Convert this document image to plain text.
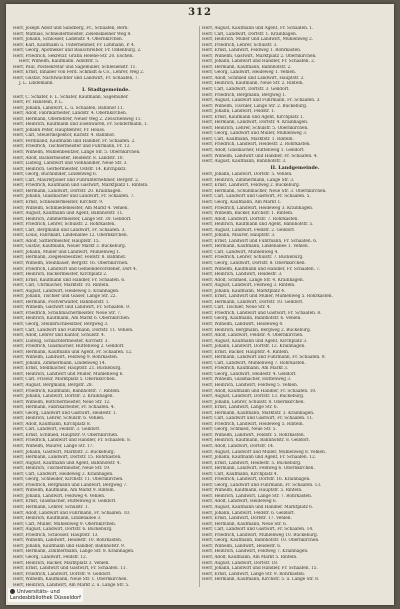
312
Herr, Joseph Adolf und Sandberg, Fr., Schaafen, Bern.
Herr, Mathias, Schneidermeister, Zielenskieiner Weg 8.
Herr, Johann, Schlosser, Ladenstr. 4. Obernkirchen.
Herr, Karl, Kaufmann u. Unternehmer, Fr. Lohmann, P. 4.
Herr, Georg, Apotheker und Bauschreiber, Fr. Oldenburg. 2.
Herr, Friedrich, Sekretär, Gräfin Helene-Str. 20. Eschen.
Herr, Wilhelm, Kaufmann. Adolfstr. 5.
Herr, Paul, Postsekretär und Sägemüller, Schlesienstr. 11.
Herr, Ernst, Inhaber von Ferd. Schmidt & Co., Lehrer, Weg 2.
Herr, Gustav, Nachtwächter und Landwirt, Fr. Schaafen, 7.
J. L. Lindemann.
I. Stadtgemeinde.
Herr, C. Schäfer, F. L. Schäfer, Kaufmann, Sägemüller.
Herr, Fr. Hanstein, P. L.
Herr, Johann, Landwirt, L. u. Schaafen, Bahnhof 11.
Herr, Adolf, Fabrikarbeiter, Landstr. 4. Obernkirchen.
Herr, Hermann, Oberlehrer, Neuer Weg 2. Zwischenweg 11.
Herr, Heinrich, Kaufmann und Eisenwaren, Fr. Sondermann, 1.
Herr, Johann Peter, Hauptlehrer, Fr. Heuss.
Herr, Carl, Steuerinspektor, Karlstr. 4. Bahnhof.
Herr, Ferdinand, Kaufmann und Händler, Fr. Schaafen. 2.
Herr, Friedrich, Tischlermeister und Fuhrmann, Fr. 12.
Herr, Wilhelm, Mühlenbesitzer, Lange Str. 5. Obernkirchen.
Herr, Adolf, Bäckermeister, Heidestr. 8. Landstr. 10.
Herr, Ludwig, Landwirt und Viehhändler, Neue Str. 3.
Herr, Heinrich, Gerbermeister, Oststr. 14. Kirchplatz.
Herr, Georg, Buchbinder, Lindenweg 6.
Herr, Carl, Maurerpolier und Fuhrunternehmer, Bergstr. 2.
Herr, Friedrich, Kaufmann und Gastwirt, Marktplatz 1. Rinteln.
Herr, Hermann, Landwirt, Dorfstr. 20. Krainhagen.
Herr, Johann, Glasmacher und Landwirt, Fr. Schaafen. 7.
Herr, Ernst, Schneidermeister, Kirchstr. 9.
Herr, Wilhelm, Schmiedemeister, Am Markt 4. Vehlen.
Herr, August, Kaufmann und Agent, Bahnhofstr. 11.
Herr, Heinrich, Zimmermeister, Lange Str. 30. Gelldorf.
Herr, Friedrich, Lehrer, Schulstr. 2. Röhrkasten.
Herr, Carl, Bergmann und Landwirt, Fr. Schaafen. 3.
Herr, Louis, Fabrikant, Lindenallee 12. Obernkirchen.
Herr, Adolf, Sattlermeister, Hauptstr. 15.
Herr, Gustav, Kaufmann, Neuer Markt 3. Bückeburg.
Herr, Johann, Müller und Landwirt, Mühlenweg 1.
Herr, Hermann, Ziegeleibesitzer, Feldstr. 8. Bahnhof.
Herr, Wilhelm, Steinhauer, Bergstr. 16. Obernkirchen.
Herr, Friedrich, Landwirt und Gemeindevorsteher, Dorf 4.
Herr, Heinrich, Bäckermeister, Kirchplatz 2.
Herr, Ernst, Kaufmann und Händler, Fr. Schaafen. 6.
Herr, Carl, Uhrmacher, Marktstr. 10. Rinteln.
Herr, August, Landwirt, Heideweg 5. Krainhagen.
Herr, Johann, Tischler und Glaser, Lange Str. 22.
Herr, Hermann, Postverwalter, Bahnhofstr. 1.
Herr, Wilhelm, Gastwirt und Landwirt, Fr. Schaafen. 9.
Herr, Friedrich, Schuhmachermeister, Neue Str. 7.
Herr, Heinrich, Kaufmann, Am Markt 6. Obernkirchen.
Herr, Georg, Steinbruchbesitzer, Bergweg 3.
Herr, Carl, Landwirt und Fuhrmann, Dorfstr. 11. Vehlen.
Herr, Adolf, Lehrer und Kantor, Schulstr. 4.
Herr, Ludwig, Schlachtermeister, Kirchstr. 3.
Herr, Friedrich, Glasmacher, Hüttenweg 2. Gelldorf.
Herr, Hermann, Kaufmann und Agent, Fr. Schaafen. 12.
Herr, Wilhelm, Landwirt, Feldweg 9. Röhrkasten.
Herr, Johann, Zimmermann, Lindenweg 14.
Herr, Ernst, Stellmacher, Hauptstr. 21. Bückeburg.
Herr, Heinrich, Landwirt und Müller, Mühlenweg 6.
Herr, Carl, Friseur, Marktplatz 5. Obernkirchen.
Herr, August, Bergmann, Bergstr. 28.
Herr, Friedrich, Kaufmann, Bahnhofstr. 7. Rinteln.
Herr, Johann, Landwirt, Dorfstr. 2. Krainhagen.
Herr, Wilhelm, Böttchermeister, Neue Str. 12.
Herr, Hermann, Fabrikarbeiter, Fr. Schaafen. 4.
Herr, Georg, Landwirt und Gastwirt, Heidestr. 1.
Herr, Heinrich, Lehrer, Schulstr. 6. Vehlen.
Herr, Adolf, Kaufmann, Kirchplatz 8.
Herr, Carl, Landwirt, Feldstr. 3. Gelldorf.
Herr, Ernst, Schmied, Hauptstr. 9. Obernkirchen.
Herr, Friedrich, Landwirt und Händler, Fr. Schaafen. 8.
Herr, Wilhelm, Maurer, Lange Str. 17.
Herr, Johann, Gastwirt, Marktstr. 2. Bückeburg.
Herr, Hermann, Landwirt, Dorfstr. 15. Röhrkasten.
Herr, August, Kaufmann und Agent, Bahnhofstr. 4.
Herr, Heinrich, Tischlermeister, Neue Str. 19.
Herr, Carl, Landwirt, Heideweg 2. Krainhagen.
Herr, Georg, Schneider, Kirchstr. 11. Obernkirchen.
Herr, Friedrich, Bergmann und Landwirt, Bergweg 7.
Herr, Wilhelm, Kaufmann, Am Markt 9. Rinteln.
Herr, Johann, Landwirt, Feldweg 4. Vehlen.
Herr, Ernst, Glasmacher, Hüttenweg 8. Gelldorf.
Herr, Hermann, Lehrer, Schulstr. 1.
Herr, Adolf, Landwirt und Fuhrmann, Fr. Schaafen. 10.
Herr, Heinrich, Kaufmann, Lindenallee 3.
Herr, Carl, Müller, Mühlenweg 9. Obernkirchen.
Herr, August, Landwirt, Dorfstr. 6. Bückeburg.
Herr, Friedrich, Schlosser, Hauptstr. 13.
Herr, Wilhelm, Landwirt, Heidestr. 10. Röhrkasten.
Herr, Johann, Kaufmann und Händler, Bahnhofstr. 9.
Herr, Hermann, Zimmermann, Lange Str. 8. Krainhagen.
Herr, Georg, Landwirt, Feldstr. 12.
Herr, Heinrich, Bäcker, Marktplatz 3. Vehlen.
Herr, Ernst, Landwirt und Gastwirt, Fr. Schaafen. 11.
Herr, Friedrich, Landwirt, Dorfstr. 9. Gelldorf.
Herr, Wilhelm, Kaufmann, Neue Str. 1. Obernkirchen.
Herr, Heinrich, Landwirt, Am Markt 2. u. Lange Str. 5.
Herr, August, Kaufmann und Agent, Fr. Schaafen. 1.
Herr, Carl, Landwirt, Dorfstr. 1. Krainhagen.
Herr, Heinrich, Müller und Landwirt, Mühlenweg 2.
Herr, Friedrich, Lehrer, Schulstr. 3.
Herr, Ernst, Landwirt, Feldweg 1. Röhrkasten.
Herr, Wilhelm, Gastwirt, Marktplatz 2. Obernkirchen.
Herr, Johann, Landwirt und Händler, Fr. Schaafen. 2.
Herr, Hermann, Kaufmann, Bahnhofstr. 2.
Herr, Georg, Landwirt, Heideweg 1. Vehlen.
Herr, Adolf, Schmied und Landwirt, Hauptstr. 2.
Herr, Heinrich, Kaufmann, Neue Str. 2. Rinteln.
Herr, Carl, Landwirt, Dorfstr. 3. Gelldorf.
Herr, Friedrich, Bergmann, Bergweg 1.
Herr, August, Landwirt und Fuhrmann, Fr. Schaafen. 3.
Herr, Wilhelm, Tischler, Lange Str. 2. Bückeburg.
Herr, Johann, Landwirt, Feldstr. 1.
Herr, Ernst, Kaufmann und Agent, Kirchplatz 1.
Herr, Hermann, Landwirt, Dorfstr. 4. Krainhagen.
Herr, Heinrich, Lehrer, Schulstr. 5. Obernkirchen.
Herr, Georg, Landwirt und Müller, Mühlenweg 3.
Herr, Carl, Kaufmann, Marktstr. 1. Rinteln.
Herr, Friedrich, Landwirt, Heidestr. 2. Röhrkasten.
Herr, Adolf, Glasmacher, Hüttenweg 1. Gelldorf.
Herr, Wilhelm, Landwirt und Händler, Fr. Schaafen. 4.
Herr, August, Kaufmann, Bahnhofstr. 3.
II. Landgemeinde.
Herr, Johann, Landwirt, Dorfstr. 5. Vehlen.
Herr, Heinrich, Zimmermann, Lange Str. 3.
Herr, Ernst, Landwirt, Feldweg 2. Bückeburg.
Herr, Hermann, Schuhmacher, Neue Str. 3. Obernkirchen.
Herr, Carl, Landwirt und Gastwirt, Fr. Schaafen. 5.
Herr, Georg, Kaufmann, Am Markt 1.
Herr, Friedrich, Landwirt, Heideweg 3. Krainhagen.
Herr, Wilhelm, Bäcker, Kirchstr. 1. Rinteln.
Herr, Adolf, Landwirt, Dorfstr. 7. Röhrkasten.
Herr, Heinrich, Kaufmann und Agent, Bahnhofstr. 5.
Herr, August, Landwirt, Feldstr. 2. Gelldorf.
Herr, Johann, Maurer, Hauptstr. 3.
Herr, Ernst, Landwirt und Fuhrmann, Fr. Schaafen. 6.
Herr, Hermann, Kaufmann, Lindenallee 1. Vehlen.
Herr, Carl, Landwirt, Mühlenweg 4.
Herr, Friedrich, Lehrer, Schulstr. 7. Bückeburg.
Herr, Georg, Landwirt, Dorfstr. 8. Obernkirchen.
Herr, Wilhelm, Kaufmann und Händler, Fr. Schaafen. 7.
Herr, Heinrich, Landwirt, Heidestr. 3.
Herr, Adolf, Schmied, Lange Str. 4. Krainhagen.
Herr, August, Landwirt, Feldweg 3. Rinteln.
Herr, Johann, Kaufmann, Marktplatz 4.
Herr, Ernst, Landwirt und Müller, Mühlenweg 5. Röhrkasten.
Herr, Hermann, Landwirt, Dorfstr. 10. Gelldorf.
Herr, Carl, Tischler, Neue Str. 4.
Herr, Friedrich, Landwirt und Gastwirt, Fr. Schaafen. 8.
Herr, Georg, Kaufmann, Bahnhofstr. 6. Vehlen.
Herr, Wilhelm, Landwirt, Heideweg 4.
Herr, Heinrich, Bergmann, Bergweg 2. Bückeburg.
Herr, Adolf, Landwirt, Feldstr. 4. Obernkirchen.
Herr, August, Kaufmann und Agent, Kirchplatz 3.
Herr, Johann, Landwirt, Dorfstr. 12. Krainhagen.
Herr, Ernst, Bäcker, Hauptstr. 4. Rinteln.
Herr, Hermann, Landwirt und Fuhrmann, Fr. Schaafen. 9.
Herr, Carl, Landwirt, Mühlenweg 7. Röhrkasten.
Herr, Friedrich, Kaufmann, Am Markt 3.
Herr, Georg, Landwirt, Heidestr. 4. Gelldorf.
Herr, Wilhelm, Glasmacher, Hüttenweg 3.
Herr, Heinrich, Landwirt, Feldweg 5. Vehlen.
Herr, Adolf, Kaufmann und Händler, Fr. Schaafen. 10.
Herr, August, Landwirt, Dorfstr. 13. Bückeburg.
Herr, Johann, Lehrer, Schulstr. 8. Obernkirchen.
Herr, Ernst, Landwirt, Lange Str. 6.
Herr, Hermann, Kaufmann, Marktstr. 3. Krainhagen.
Herr, Carl, Landwirt und Gastwirt, Fr. Schaafen. 11.
Herr, Friedrich, Landwirt, Heideweg 5. Rinteln.
Herr, Georg, Schmied, Neue Str. 5.
Herr, Wilhelm, Landwirt, Feldstr. 5. Röhrkasten.
Herr, Heinrich, Kaufmann, Bahnhofstr. 8. Gelldorf.
Herr, Adolf, Landwirt, Dorfstr. 14.
Herr, August, Landwirt und Müller, Mühlenweg 8. Vehlen.
Herr, Johann, Kaufmann und Agent, Fr. Schaafen. 12.
Herr, Ernst, Landwirt, Heidestr. 5. Bückeburg.
Herr, Hermann, Landwirt, Feldweg 6. Obernkirchen.
Herr, Carl, Kaufmann, Kirchplatz 4.
Herr, Friedrich, Landwirt, Dorfstr. 16. Krainhagen.
Herr, Georg, Landwirt und Fuhrmann, Fr. Schaafen. 13.
Herr, Wilhelm, Kaufmann, Hauptstr. 5. Rinteln.
Herr, Heinrich, Landwirt, Lange Str. 7. Röhrkasten.
Herr, Adolf, Landwirt, Heideweg 6.
Herr, August, Kaufmann und Händler, Marktplatz 6.
Herr, Johann, Landwirt, Feldstr. 6. Gelldorf.
Herr, Ernst, Landwirt, Dorfstr. 17. Vehlen.
Herr, Hermann, Kaufmann, Neue Str. 6.
Herr, Carl, Landwirt und Gastwirt, Fr. Schaafen. 14.
Herr, Friedrich, Landwirt, Mühlenweg 10. Bückeburg.
Herr, Georg, Kaufmann, Bahnhofstr. 10. Obernkirchen.
Herr, Wilhelm, Landwirt, Heidestr. 6.
Herr, Heinrich, Landwirt, Feldweg 7. Krainhagen.
Herr, Adolf, Kaufmann, Am Markt 5. Rinteln.
Herr, August, Landwirt, Dorfstr. 18.
Herr, Johann, Landwirt und Händler, Fr. Schaafen. 15.
Herr, Ernst, Landwirt, Lange Str. 9. Röhrkasten.
Herr, Hermann, Kaufmann, Kirchstr. 5. u. Lange Str. 8.
Universitäts- und
Landesbibliothek Düsseldorf
